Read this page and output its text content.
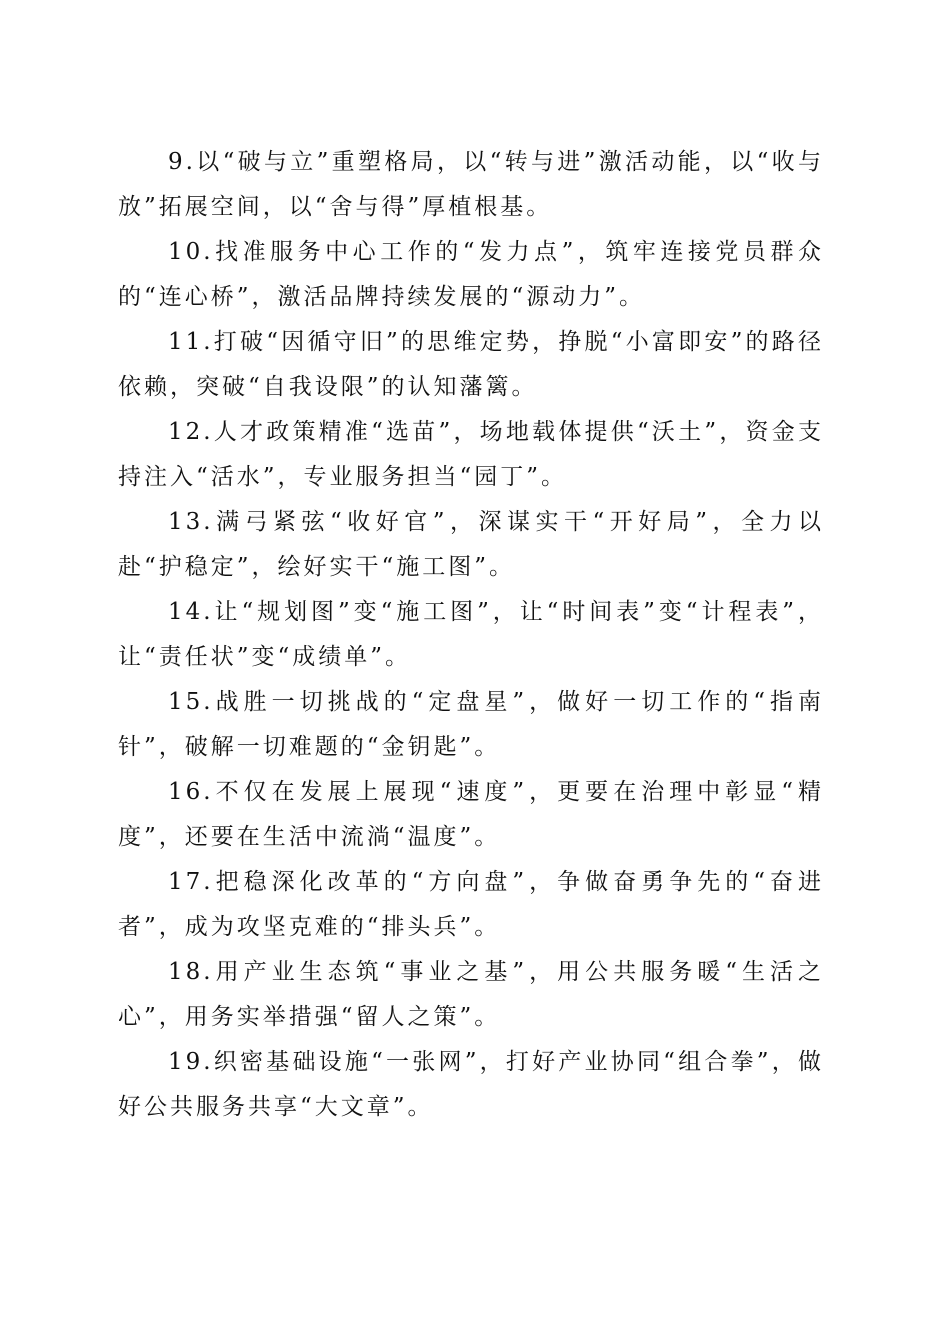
9.以“破与立”重塑格局，以“转与进”激活动能，以“收与放”拓展空间，以“舍与得”厚植根基。

10.找准服务中心工作的“发力点”，筑牢连接党员群众的“连心桥”，激活品牌持续发展的“源动力”。

11.打破“因循守旧”的思维定势，挣脱“小富即安”的路径依赖，突破“自我设限”的认知藩篱。

12.人才政策精准“选苗”，场地载体提供“沃土”，资金支持注入“活水”，专业服务担当“园丁”。

13.满弓紧弦“收好官”，深谋实干“开好局”，全力以赴“护稳定”，绘好实干“施工图”。

14.让“规划图”变“施工图”，让“时间表”变“计程表”，让“责任状”变“成绩单”。

15.战胜一切挑战的“定盘星”，做好一切工作的“指南针”，破解一切难题的“金钥匙”。

16.不仅在发展上展现“速度”，更要在治理中彰显“精度”，还要在生活中流淌“温度”。

17.把稳深化改革的“方向盘”，争做奋勇争先的“奋进者”，成为攻坚克难的“排头兵”。

18.用产业生态筑“事业之基”，用公共服务暖“生活之心”，用务实举措强“留人之策”。

19.织密基础设施“一张网”，打好产业协同“组合拳”，做好公共服务共享“大文章”。
